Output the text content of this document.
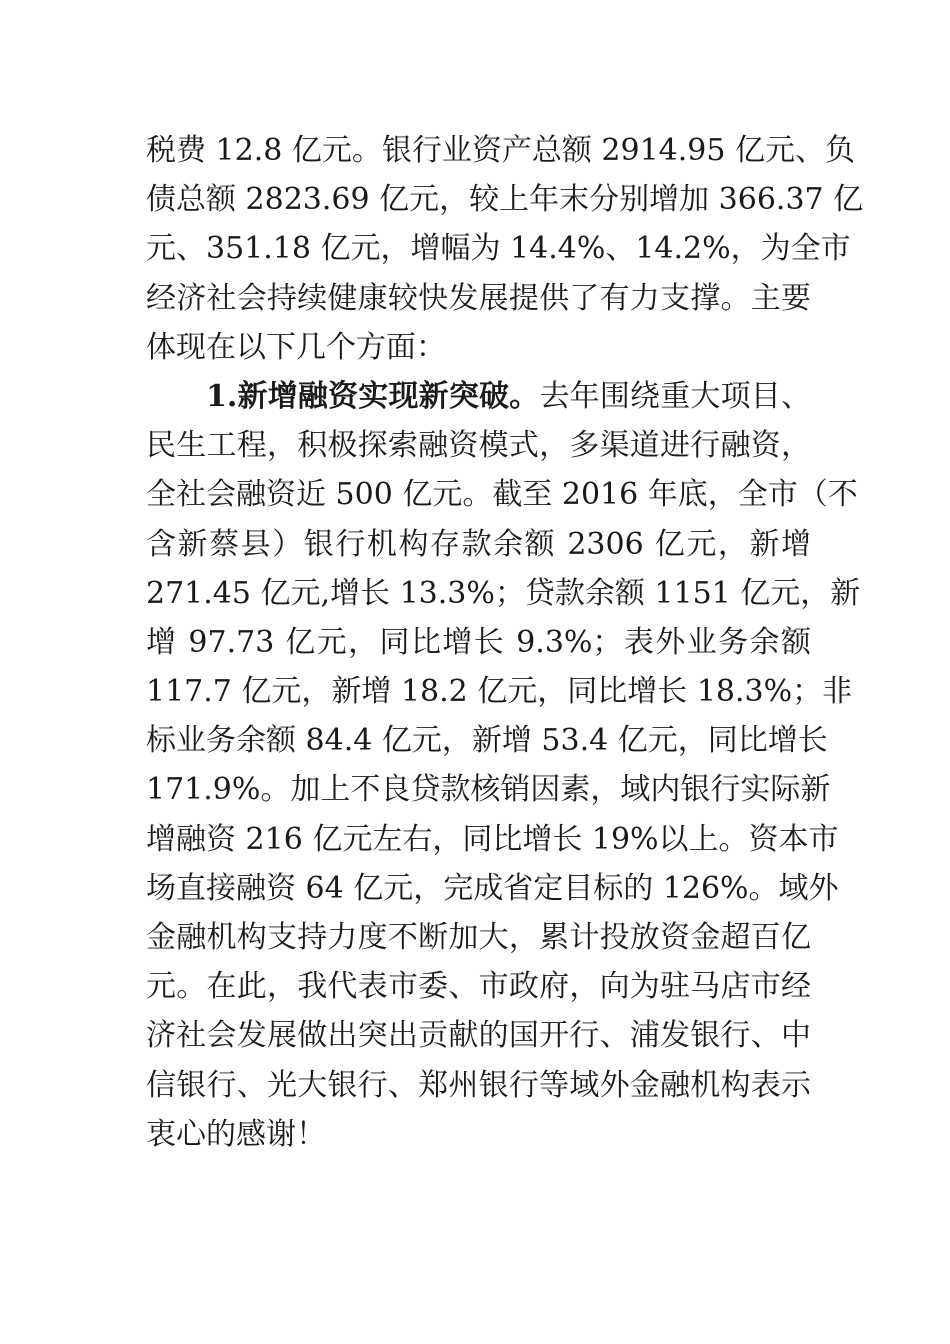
税费 12.8 亿元。银行业资产总额 2914.95 亿元、负
债总额 2823.69 亿元，较上年末分别增加 366.37 亿
元、351.18 亿元，增幅为 14.4%、14.2%，为全市
经济社会持续健康较快发展提供了有力支撑。主要
体现在以下几个方面：
1.新增融资实现新突破。去年围绕重大项目、
民生工程，积极探索融资模式，多渠道进行融资，
全社会融资近 500 亿元。截至 2016 年底，全市（不
含新蔡县）银行机构存款余额 2306 亿元，新增
271.45 亿元,增长 13.3%；贷款余额 1151 亿元，新
增 97.73 亿元，同比增长 9.3%；表外业务余额
117.7 亿元，新增 18.2 亿元，同比增长 18.3%；非
标业务余额 84.4 亿元，新增 53.4 亿元，同比增长
171.9%。加上不良贷款核销因素，域内银行实际新
增融资 216 亿元左右，同比增长 19%以上。资本市
场直接融资 64 亿元，完成省定目标的 126%。域外
金融机构支持力度不断加大，累计投放资金超百亿
元。在此，我代表市委、市政府，向为驻马店市经
济社会发展做出突出贡献的国开行、浦发银行、中
信银行、光大银行、郑州银行等域外金融机构表示
衷心的感谢！
